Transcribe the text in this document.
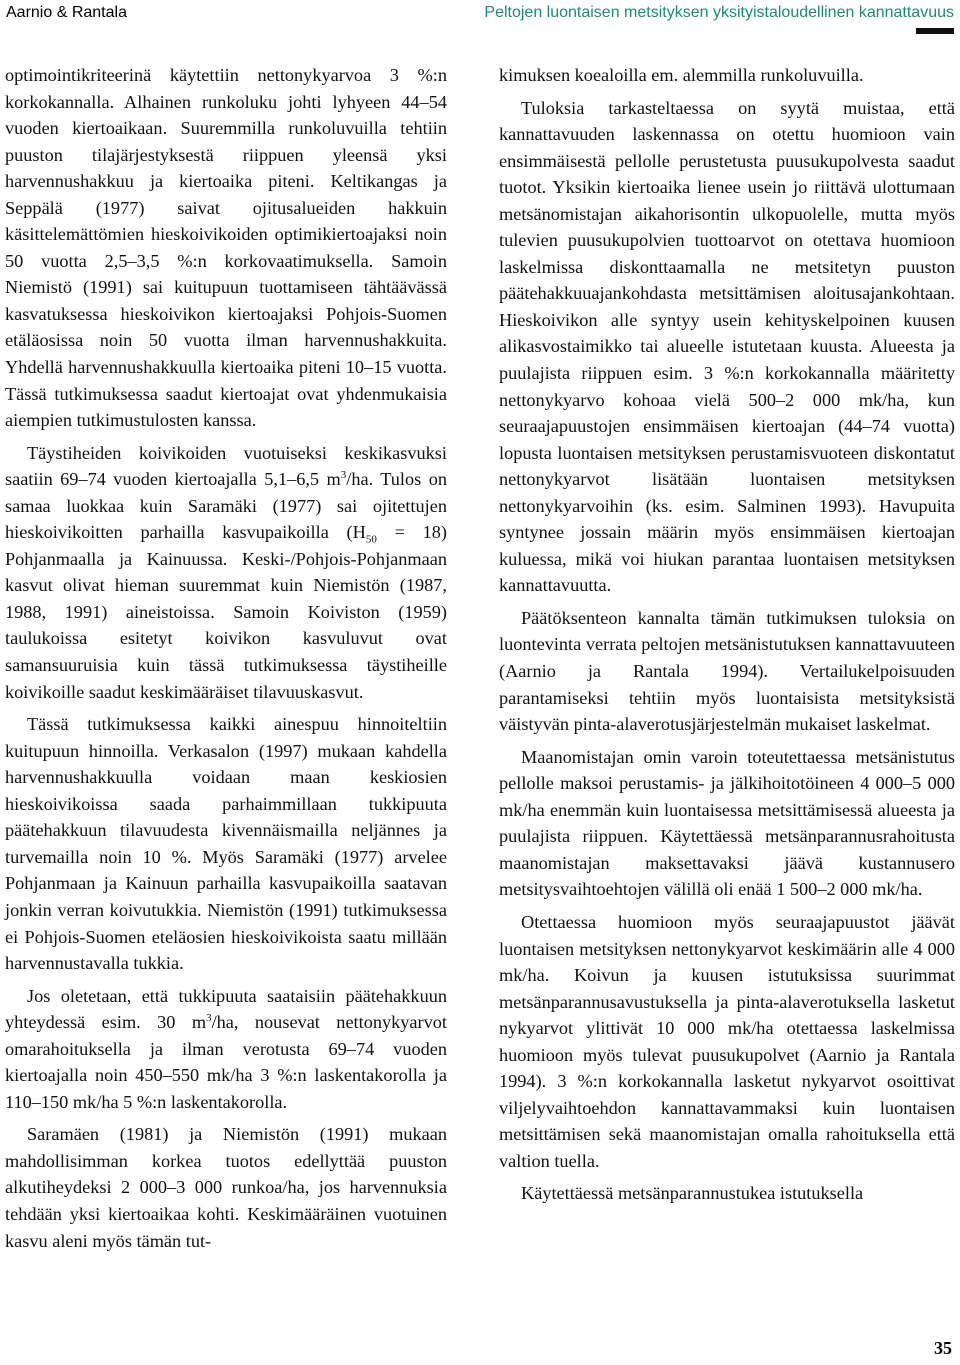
Aarnio & Rantala	Peltojen luontaisen metsityksen yksityistaloudellinen kannattavuus

optimointikriteerinä käytettiin nettonykyarvoa 3 %:n korkokannalla. Alhainen runkoluku johti lyhyeen 44–54 vuoden kiertoaikaan. Suuremmilla runkoluvuilla tehtiin puuston tilajärjestyksestä riippuen yleensä yksi harvennushakkuu ja kiertoaika piteni. Keltikangas ja Seppälä (1977) saivat ojitusalueiden hakkuin käsittelemättömien hieskoivikoiden optimikiertoajaksi noin 50 vuotta 2,5–3,5 %:n korkovaatimuksella. Samoin Niemistö (1991) sai kuitupuun tuottamiseen tähtäävässä kasvatuksessa hieskoivikon kiertoajaksi Pohjois-Suomen etäläosissa noin 50 vuotta ilman harvennushakkuita. Yhdellä harvennushakkuulla kiertoaika piteni 10–15 vuotta. Tässä tutkimuksessa saadut kiertoajat ovat yhdenmukaisia aiempien tutkimustulosten kanssa.

Täystiheiden koivikoiden vuotuiseksi keskikasvuksi saatiin 69–74 vuoden kiertoajalla 5,1–6,5 $m^3/ha$. Tulos on samaa luokkaa kuin Saramäki (1977) sai ojitettujen hieskoivikoitten parhailla kasvupaikoilla $(H_{50} = 18)$ Pohjanmaalla ja Kainuussa. Keski-/Pohjois-Pohjanmaan kasvut olivat hieman suuremmat kuin Niemistön (1987, 1988, 1991) aineistoissa. Samoin Koiviston (1959) taulukoissa esitetyt koivikon kasvuluvut ovat samansuuruisia kuin tässä tutkimuksessa täystiheille koivikoille saadut keskimääräiset tilavuuskasvut.

Tässä tutkimuksessa kaikki ainespuu hinnoiteltiin kuitupuun hinnoilla. Verkasalon (1997) mukaan kahdella harvennushakkuulla voidaan maan keskiosien hieskoivikoissa saada parhaimmillaan tukkipuuta päätehakkuun tilavuudesta kivennäismailla neljännes ja turvemailla noin 10 %. Myös Saramäki (1977) arvelee Pohjanmaan ja Kainuun parhailla kasvupaikoilla saatavan jonkin verran koivutukkia. Niemistön (1991) tutkimuksessa ei Pohjois-Suomen eteläosien hieskoivikoista saatu millään harvennustavalla tukkia.

Jos oletetaan, että tukkipuuta saataisiin päätehakkuun yhteydessä esim. 30 $m^3/ha$, nousevat nettonykyarvot omarahoituksella ja ilman verotusta 69–74 vuoden kiertoajalla noin 450–550 mk/ha 3 %:n laskentakorolla ja 110–150 mk/ha 5 %:n laskentakorolla.

Saramäen (1981) ja Niemistön (1991) mukaan mahdollisimman korkea tuotos edellyttää puuston alkutiheydeksi 2 000–3 000 runkoa/ha, jos harvennuksia tehdään yksi kiertoaikaa kohti. Keskimääräinen vuotuinen kasvu aleni myös tämän tut-

kimuksen koealoilla em. alemmilla runkoluvuilla.

Tuloksia tarkasteltaessa on syytä muistaa, että kannattavuuden laskennassa on otettu huomioon vain ensimmäisestä pellolle perustetusta puusukupolvesta saadut tuotot. Yksikin kiertoaika lienee usein jo riittävä ulottumaan metsänomistajan aikahorisontin ulkopuolelle, mutta myös tulevien puusukupolvien tuottoarvot on otettava huomioon laskelmissa diskonttaamalla ne metsitetyn puuston päätehakkuuajankohdasta metsittämisen aloitusajankohtaan. Hieskoivikon alle syntyy usein kehityskelpoinen kuusen alikasvostaimikko tai alueelle istutetaan kuusta. Alueesta ja puulajista riippuen esim. 3 %:n korkokannalla määritetty nettonykyarvo kohoaa vielä 500–2 000 mk/ha, kun seuraajapuustojen ensimmäisen kiertoajan (44–74 vuotta) lopusta luontaisen metsityksen perustamisvuoteen diskontatut nettonykyarvot lisätään luontaisen metsityksen nettonykyarvoihin (ks. esim. Salminen 1993). Havupuita syntynee jossain määrin myös ensimmäisen kiertoajan kuluessa, mikä voi hiukan parantaa luontaisen metsityksen kannattavuutta.

Päätöksenteon kannalta tämän tutkimuksen tuloksia on luontevinta verrata peltojen metsänistutuksen kannattavuuteen (Aarnio ja Rantala 1994). Vertailukelpoisuuden parantamiseksi tehtiin myös luontaisista metsityksistä väistyvän pinta-alaverotusjärjestelmän mukaiset laskelmat.

Maanomistajan omin varoin toteutettaessa metsänistutus pellolle maksoi perustamis- ja jälkihoitotöineen 4 000–5 000 mk/ha enemmän kuin luontaisessa metsittämisessä alueesta ja puulajista riippuen. Käytettäessä metsänparannusrahoitusta maanomistajan maksettavaksi jäävä kustannusero metsitysvaihtoehtojen välillä oli enää 1 500–2 000 mk/ha.

Otettaessa huomioon myös seuraajapuustot jäävät luontaisen metsityksen nettonykyarvot keskimäärin alle 4 000 mk/ha. Koivun ja kuusen istutuksissa suurimmat metsänparannusavustuksella ja pinta-alaverotuksella lasketut nykyarvot ylittivät 10 000 mk/ha otettaessa laskelmissa huomioon myös tulevat puusukupolvet (Aarnio ja Rantala 1994). 3 %:n korkokannalla lasketut nykyarvot osoittivat viljelyvaihtoehdon kannattavammaksi kuin luontaisen metsittämisen sekä maanomistajan omalla rahoituksella että valtion tuella.

Käytettäessä metsänparannustukea istutuksella

35
